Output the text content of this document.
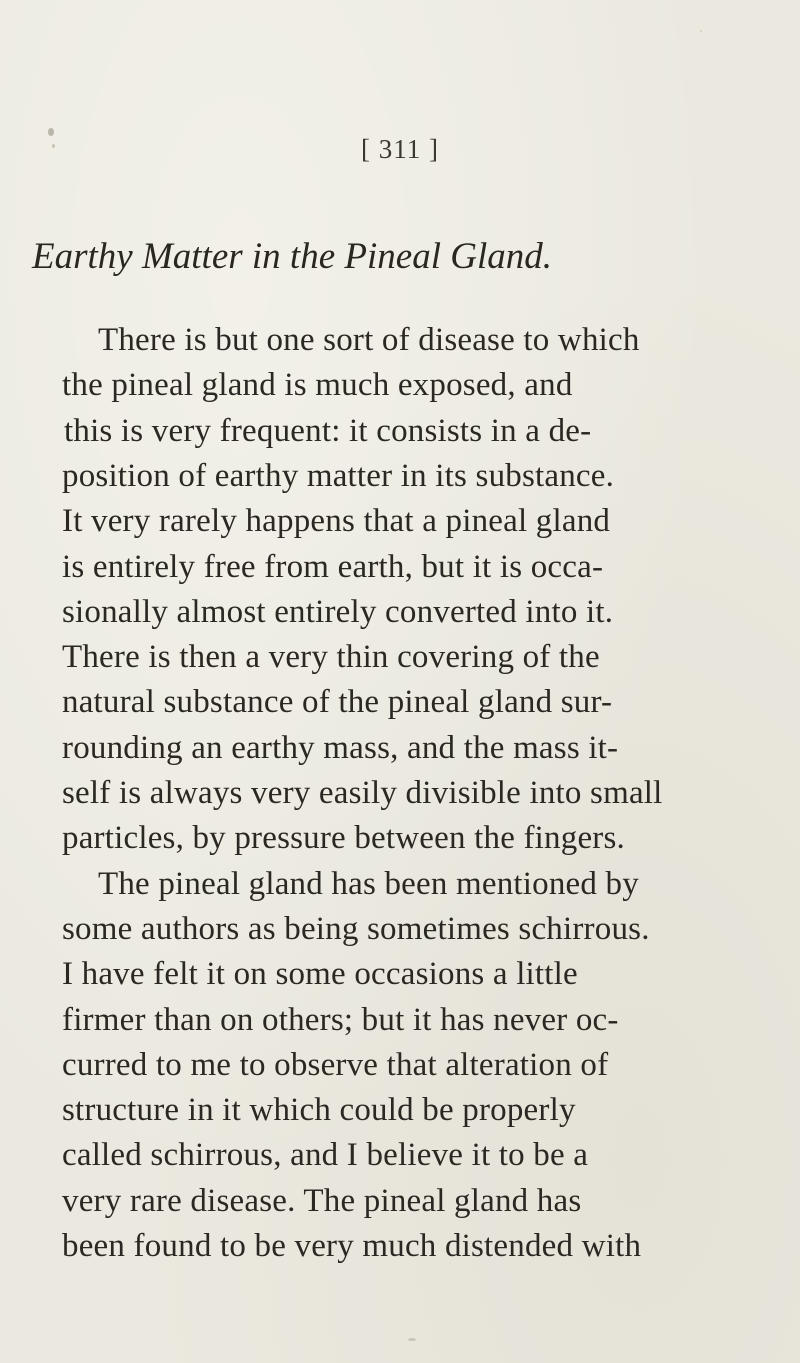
[ 311 ]
Earthy Matter in the Pineal Gland.
There is but one sort of disease to which
the pineal gland is much exposed, and
this is very frequent: it consists in a de-
position of earthy matter in its substance.
It very rarely happens that a pineal gland
is entirely free from earth, but it is occa-
sionally almost entirely converted into it.
There is then a very thin covering of the
natural substance of the pineal gland sur-
rounding an earthy mass, and the mass it-
self is always very easily divisible into small
particles, by pressure between the fingers.
The pineal gland has been mentioned by
some authors as being sometimes schirrous.
I have felt it on some occasions a little
firmer than on others; but it has never oc-
curred to me to observe that alteration of
structure in it which could be properly
called schirrous, and I believe it to be a
very rare disease. The pineal gland has
been found to be very much distended with
